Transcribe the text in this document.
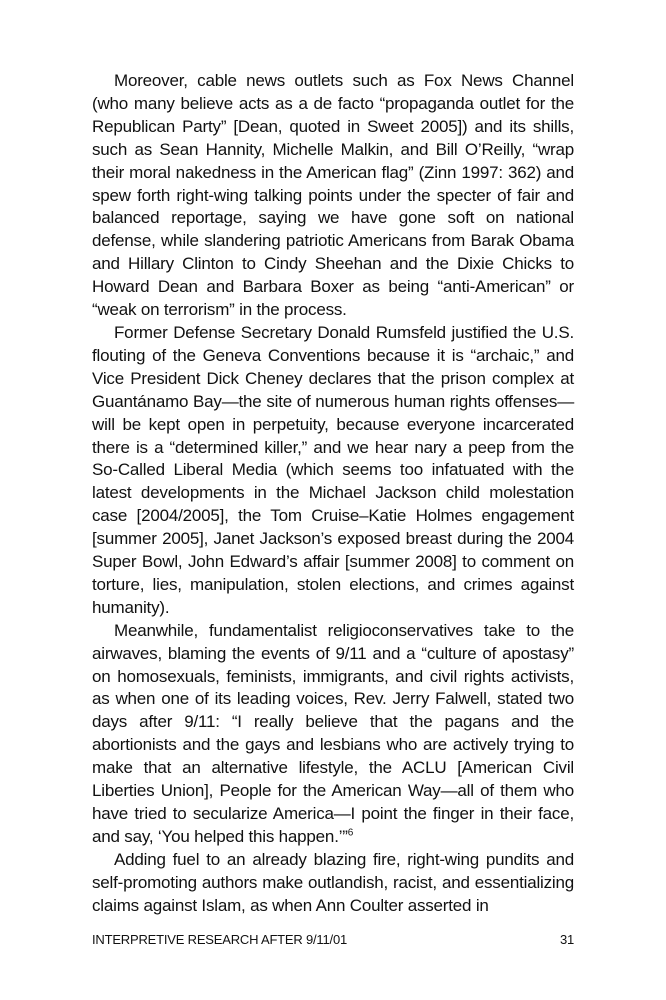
Moreover, cable news outlets such as Fox News Channel (who many believe acts as a de facto “propaganda outlet for the Republican Party” [Dean, quoted in Sweet 2005]) and its shills, such as Sean Hannity, Michelle Malkin, and Bill O’Reilly, “wrap their moral nakedness in the American flag” (Zinn 1997: 362) and spew forth right-wing talking points under the specter of fair and balanced reportage, saying we have gone soft on national defense, while slandering patriotic Americans from Barak Obama and Hillary Clinton to Cindy Sheehan and the Dixie Chicks to Howard Dean and Barbara Boxer as being “anti-American” or “weak on terrorism” in the process.

Former Defense Secretary Donald Rumsfeld justified the U.S. flouting of the Geneva Conventions because it is “archaic,” and Vice President Dick Cheney declares that the prison complex at Guantánamo Bay—the site of numerous human rights offenses—will be kept open in perpetuity, because everyone incarcerated there is a “determined killer,” and we hear nary a peep from the So-Called Liberal Media (which seems too infatuated with the latest developments in the Michael Jackson child molestation case [2004/2005], the Tom Cruise–Katie Holmes engagement [summer 2005], Janet Jackson’s exposed breast during the 2004 Super Bowl, John Edward’s affair [summer 2008] to comment on torture, lies, manipulation, stolen elections, and crimes against humanity).

Meanwhile, fundamentalist religioconservatives take to the airwaves, blaming the events of 9/11 and a “culture of apostasy” on homosexuals, feminists, immigrants, and civil rights activists, as when one of its leading voices, Rev. Jerry Falwell, stated two days after 9/11: “I really believe that the pagans and the abortionists and the gays and lesbians who are actively trying to make that an alternative lifestyle, the ACLU [American Civil Liberties Union], People for the American Way—all of them who have tried to secularize America—I point the finger in their face, and say, ‘You helped this happen.’”$^6$

Adding fuel to an already blazing fire, right-wing pundits and self-promoting authors make outlandish, racist, and essentializing claims against Islam, as when Ann Coulter asserted in

INTERPRETIVE RESEARCH AFTER 9/11/01	31
